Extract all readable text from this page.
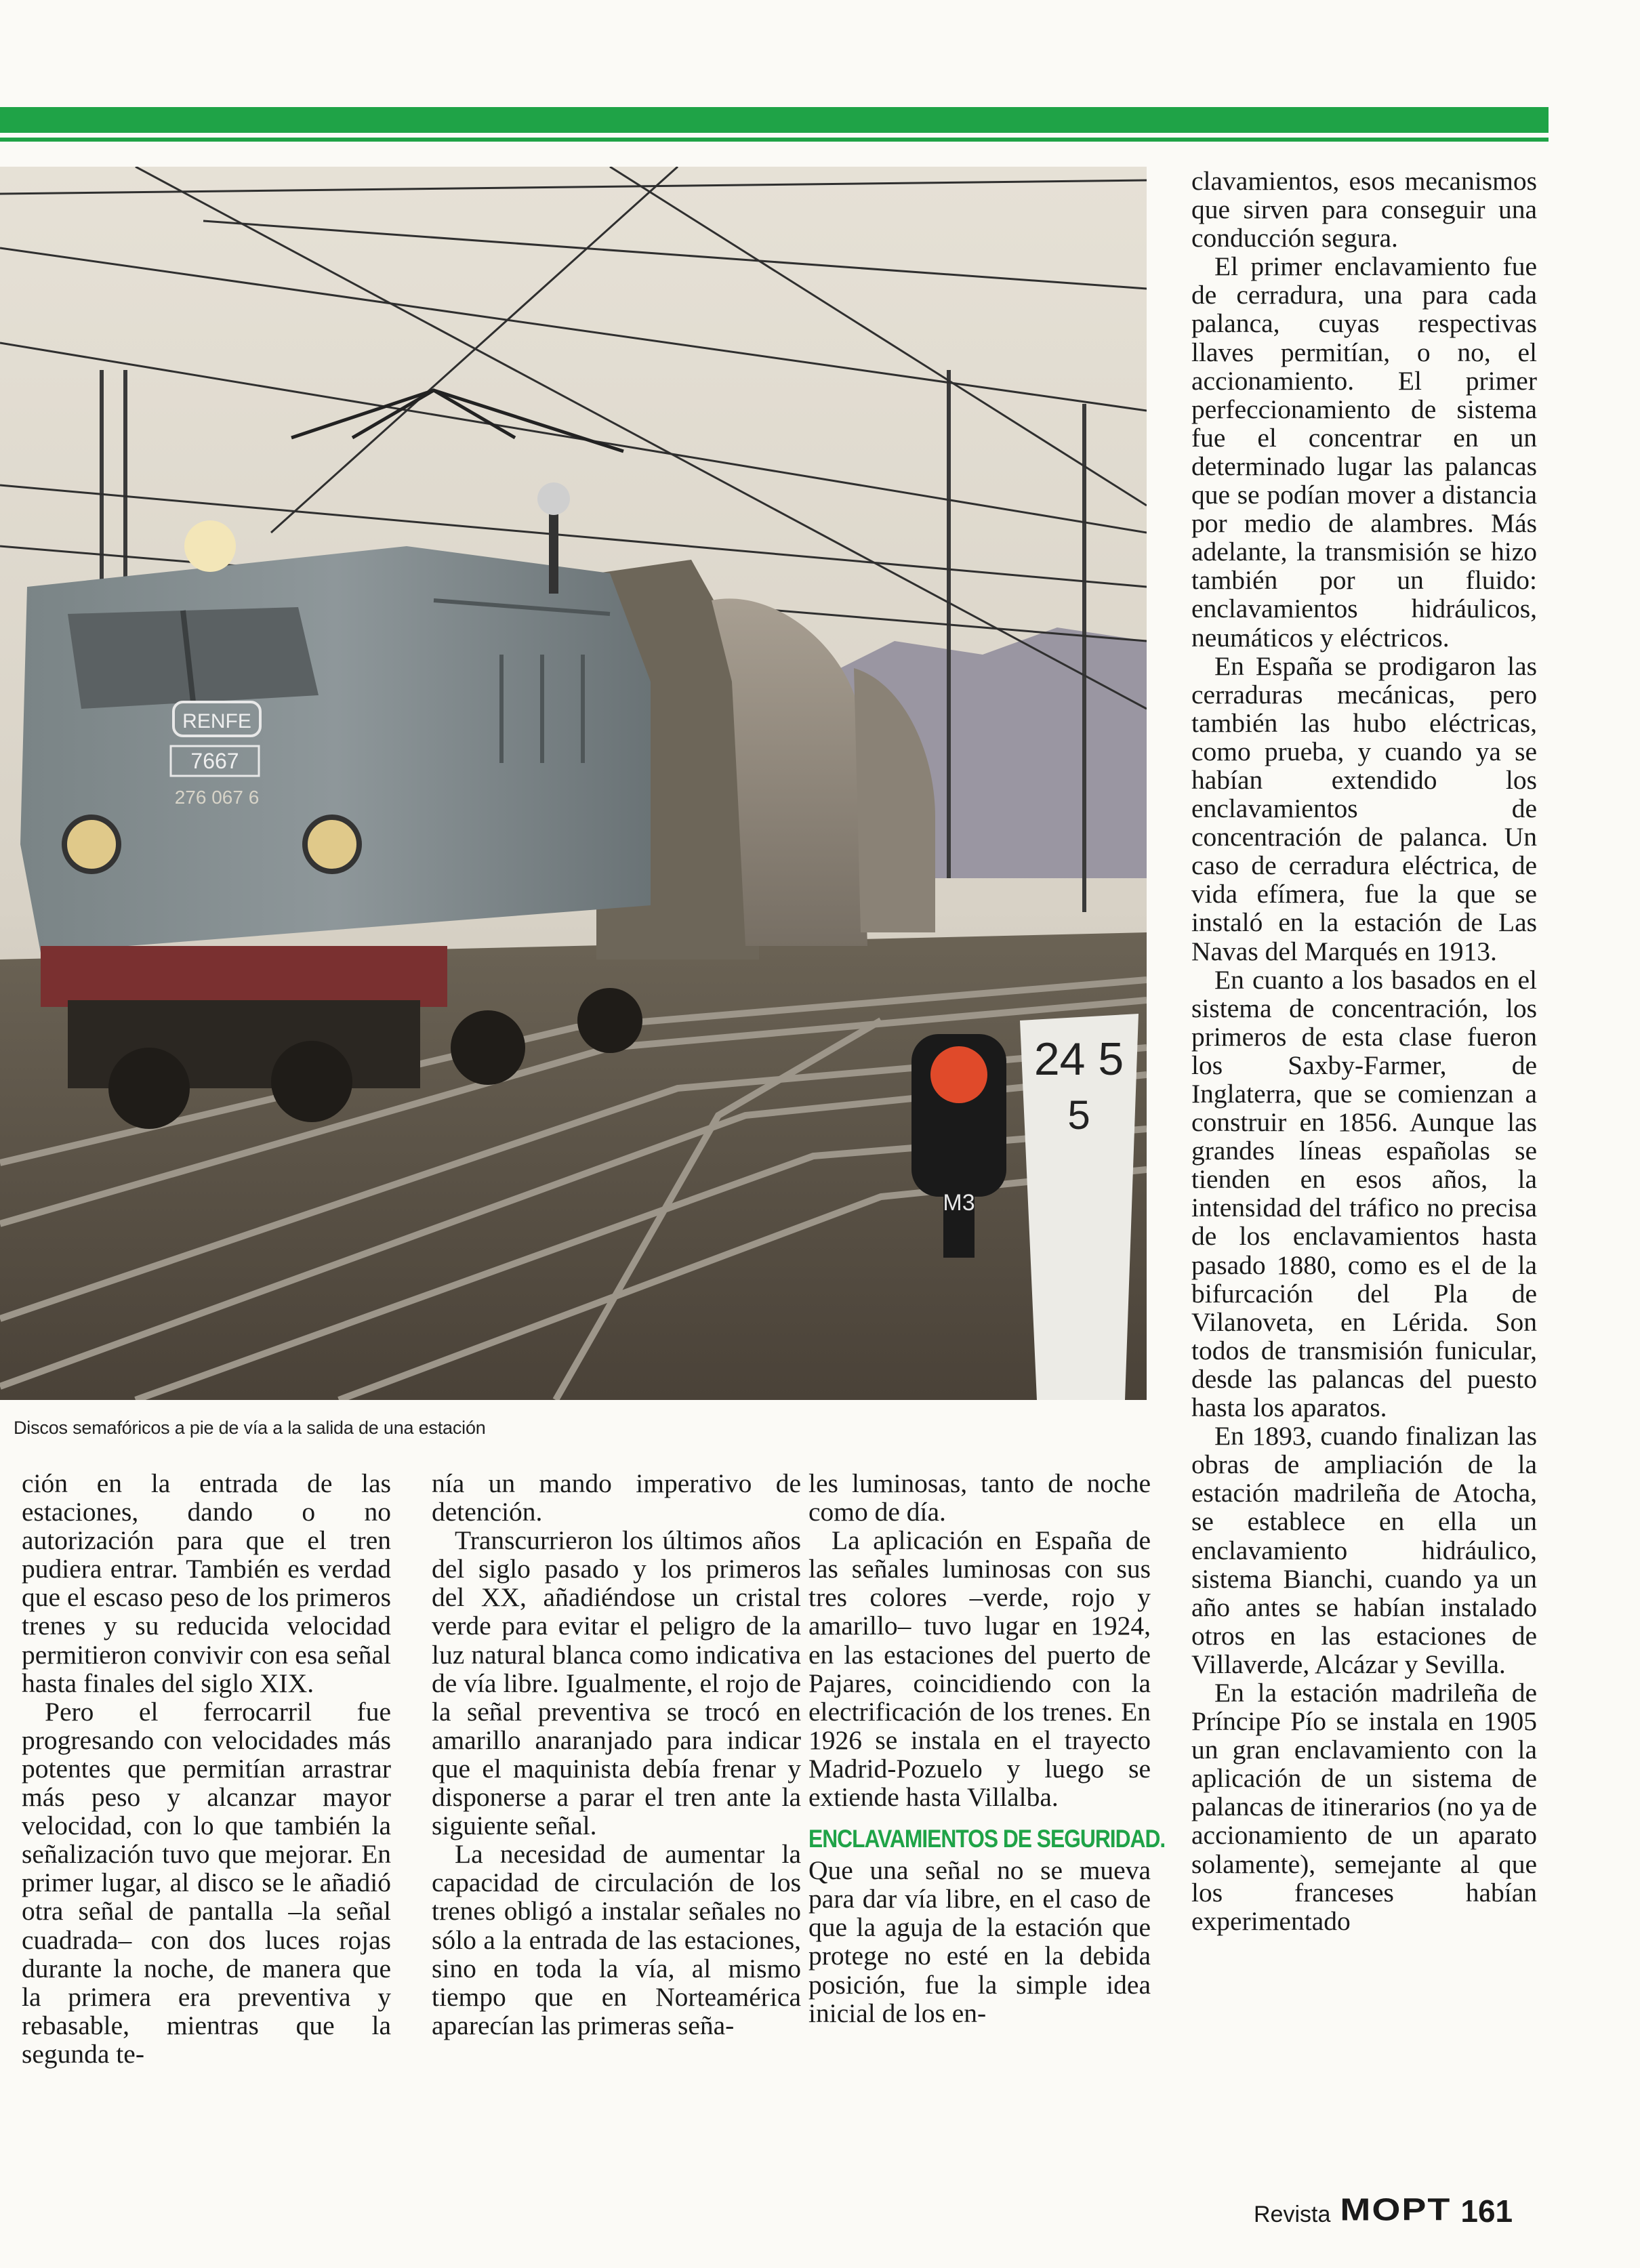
RENFE
7667
276 067 6
M3
24 5
5
Discos semafóricos a pie de vía a la salida de una estación

ción en la entrada de las estaciones, dando o no autorización para que el tren pudiera entrar. También es verdad que el escaso peso de los primeros trenes y su reducida velocidad permitieron convivir con esa señal hasta finales del siglo XIX.

Pero el ferrocarril fue progresando con velocidades más potentes que permitían arrastrar más peso y alcanzar mayor velocidad, con lo que también la señalización tuvo que mejorar. En primer lugar, al disco se le añadió otra señal de pantalla –la señal cuadrada– con dos luces rojas durante la noche, de manera que la primera era preventiva y rebasable, mientras que la segunda te-

nía un mando imperativo de detención.

Transcurrieron los últimos años del siglo pasado y los primeros del XX, añadiéndose un cristal verde para evitar el peligro de la luz natural blanca como indicativa de vía libre. Igualmente, el rojo de la señal preventiva se trocó en amarillo anaranjado para indicar que el maquinista debía frenar y disponerse a parar el tren ante la siguiente señal.

La necesidad de aumentar la capacidad de circulación de los trenes obligó a instalar señales no sólo a la entrada de las estaciones, sino en toda la vía, al mismo tiempo que en Norteamérica aparecían las primeras seña-

les luminosas, tanto de noche como de día.

La aplicación en España de las señales luminosas con sus tres colores –verde, rojo y amarillo– tuvo lugar en 1924, en las estaciones del puerto de Pajares, coincidiendo con la electrificación de los trenes. En 1926 se instala en el trayecto Madrid-Pozuelo y luego se extiende hasta Villalba.

ENCLAVAMIENTOS DE SEGURIDAD.

Que una señal no se mueva para dar vía libre, en el caso de que la aguja de la estación que protege no esté en la debida posición, fue la simple idea inicial de los en-

clavamientos, esos mecanismos que sirven para conseguir una conducción segura.

El primer enclavamiento fue de cerradura, una para cada palanca, cuyas respectivas llaves permitían, o no, el accionamiento. El primer perfeccionamiento de sistema fue el concentrar en un determinado lugar las palancas que se podían mover a distancia por medio de alambres. Más adelante, la transmisión se hizo también por un fluido: enclavamientos hidráulicos, neumáticos y eléctricos.

En España se prodigaron las cerraduras mecánicas, pero también las hubo eléctricas, como prueba, y cuando ya se habían extendido los enclavamientos de concentración de palanca. Un caso de cerradura eléctrica, de vida efímera, fue la que se instaló en la estación de Las Navas del Marqués en 1913.

En cuanto a los basados en el sistema de concentración, los primeros de esta clase fueron los Saxby-Farmer, de Inglaterra, que se comienzan a construir en 1856. Aunque las grandes líneas españolas se tienden en esos años, la intensidad del tráfico no precisa de los enclavamientos hasta pasado 1880, como es el de la bifurcación del Pla de Vilanoveta, en Lérida. Son todos de transmisión funicular, desde las palancas del puesto hasta los aparatos.

En 1893, cuando finalizan las obras de ampliación de la estación madrileña de Atocha, se establece en ella un enclavamiento hidráulico, sistema Bianchi, cuando ya un año antes se habían instalado otros en las estaciones de Villaverde, Alcázar y Sevilla.

En la estación madrileña de Príncipe Pío se instala en 1905 un gran enclavamiento con la aplicación de un sistema de palancas de itinerarios (no ya de accionamiento de un aparato solamente), semejante al que los franceses habían experimentado

Revista MOPT 161
